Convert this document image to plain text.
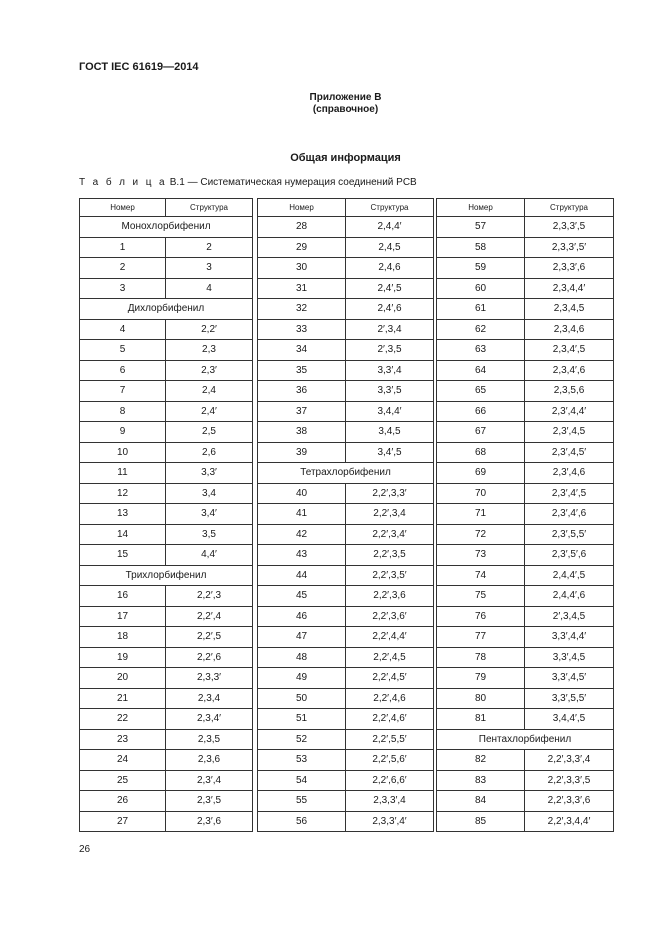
ГОСТ IEC 61619—2014
Приложение В
(справочное)
Общая информация
Т а б л и ц а В.1 — Систематическая нумерация соединений PCB
Номер	Структура
Монохлорбифенил	
1	2
2	3
3	4
Дихлорбифенил	
4	2,2′
5	2,3
6	2,3′
7	2,4
8	2,4′
9	2,5
10	2,6
11	3,3′
12	3,4
13	3,4′
14	3,5
15	4,4′
Трихлорбифенил	
16	2,2′,3
17	2,2′,4
18	2,2′,5
19	2,2′,6
20	2,3,3′
21	2,3,4
22	2,3,4′
23	2,3,5
24	2,3,6
25	2,3′,4
26	2,3′,5
27	2,3′,6
Номер	Структура
28	2,4,4′
29	2,4,5
30	2,4,6
31	2,4′,5
32	2,4′,6
33	2′,3,4
34	2′,3,5
35	3,3′,4
36	3,3′,5
37	3,4,4′
38	3,4,5
39	3,4′,5
Тетрахлорбифенил	
40	2,2′,3,3′
41	2,2′,3,4
42	2,2′,3,4′
43	2,2′,3,5
44	2,2′,3,5′
45	2,2′,3,6
46	2,2′,3,6′
47	2,2′,4,4′
48	2,2′,4,5
49	2,2′,4,5′
50	2,2′,4,6
51	2,2′,4,6′
52	2,2′,5,5′
53	2,2′,5,6′
54	2,2′,6,6′
55	2,3,3′,4
56	2,3,3′,4′
Номер	Структура
57	2,3,3′,5
58	2,3,3′,5′
59	2,3,3′,6
60	2,3,4,4′
61	2,3,4,5
62	2,3,4,6
63	2,3,4′,5
64	2,3,4′,6
65	2,3,5,6
66	2,3′,4,4′
67	2,3′,4,5
68	2,3′,4,5′
69	2,3′,4,6
70	2,3′,4′,5
71	2,3′,4′,6
72	2,3′,5,5′
73	2,3′,5′,6
74	2,4,4′,5
75	2,4,4′,6
76	2′,3,4,5
77	3,3′,4,4′
78	3,3′,4,5
79	3,3′,4,5′
80	3,3′,5,5′
81	3,4,4′,5
Пентахлорбифенил	
82	2,2′,3,3′,4
83	2,2′,3,3′,5
84	2,2′,3,3′,6
85	2,2′,3,4,4′
26
